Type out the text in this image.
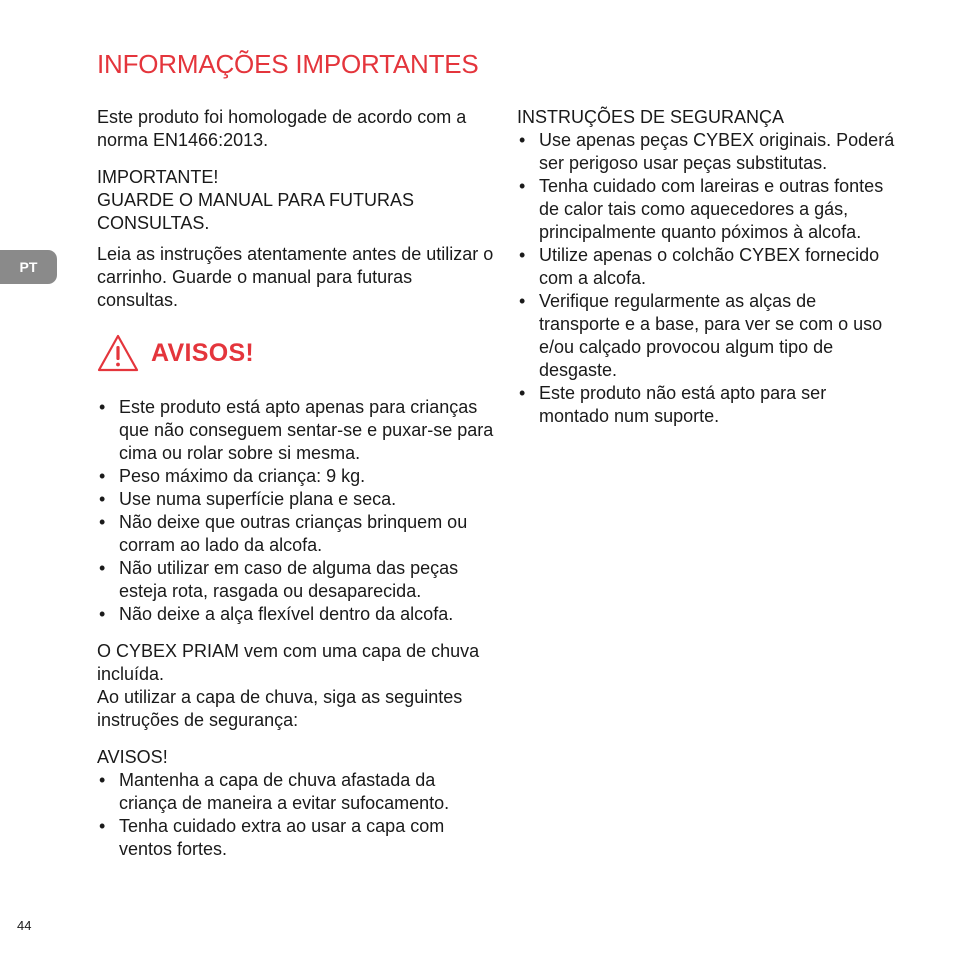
INFORMAÇÕES IMPORTANTES
PT

Este produto foi homologade de acordo com a norma EN1466:2013.

IMPORTANTE!

GUARDE O MANUAL PARA FUTURAS CONSULTAS.

Leia as instruções atentamente antes de utilizar o carrinho. Guarde o manual para futuras consultas.

AVISOS!
• Este produto está apto apenas para crianças que não conseguem sentar-se e puxar-se para cima ou rolar sobre si mesma.
• Peso máximo da criança: 9 kg.
• Use numa superfície plana e seca.
• Não deixe que outras crianças brinquem ou corram ao lado da alcofa.
• Não utilizar em caso de alguma das peças esteja rota, rasgada ou desaparecida.
• Não deixe a alça flexível dentro da alcofa.

O CYBEX PRIAM vem com uma capa de chuva incluída.

Ao utilizar a capa de chuva, siga as seguintes instruções de segurança:

AVISOS!

• Mantenha a capa de chuva afastada da criança de maneira a evitar sufocamento.
• Tenha cuidado extra ao usar a capa com ventos fortes.

INSTRUÇÕES DE SEGURANÇA

• Use apenas peças CYBEX originais. Poderá ser perigoso usar peças substitutas.
• Tenha cuidado com lareiras e outras fontes de calor tais como aquecedores a gás, principalmente quanto póximos à alcofa.
• Utilize apenas o colchão CYBEX fornecido com a alcofa.
• Verifique regularmente as alças de transporte e a base, para ver se com o uso e/ou calçado provocou algum tipo de desgaste.
• Este produto não está apto para ser montado num suporte.
44
